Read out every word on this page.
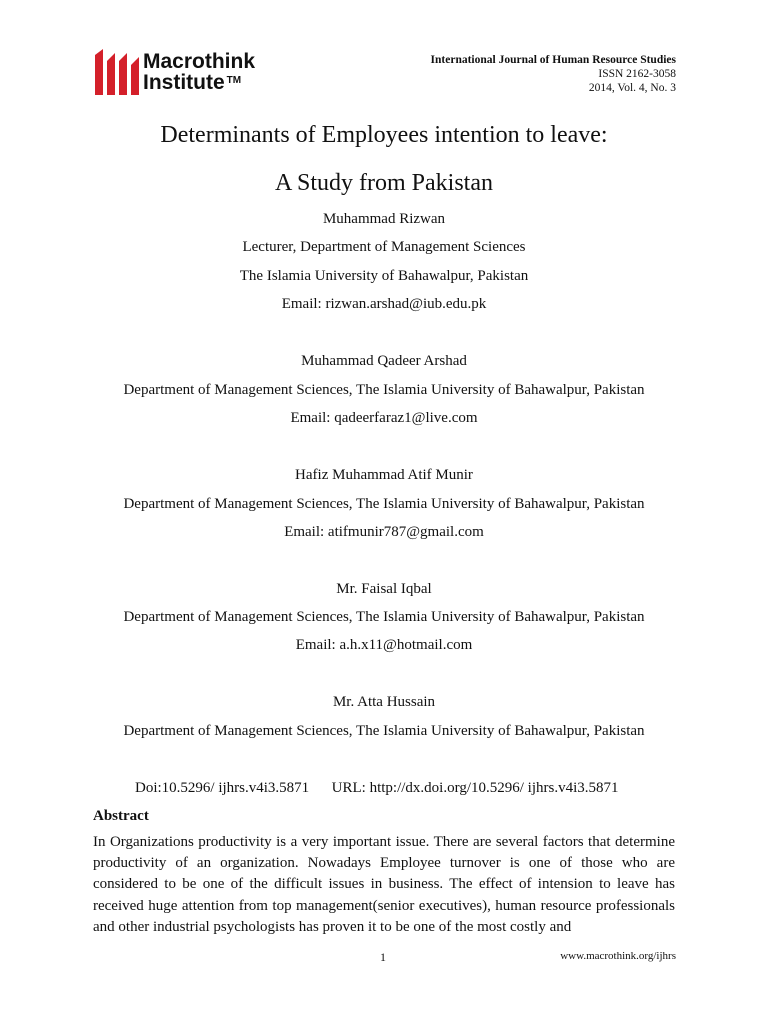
Macrothink
Institute ™
International Journal of Human Resource Studies
ISSN 2162-3058
2014, Vol. 4, No. 3
Determinants of Employees intention to leave:
A Study from Pakistan
Muhammad Rizwan
Lecturer, Department of Management Sciences
The Islamia University of Bahawalpur, Pakistan
Email: rizwan.arshad@iub.edu.pk
Muhammad Qadeer Arshad
Department of Management Sciences, The Islamia University of Bahawalpur, Pakistan
Email: qadeerfaraz1@live.com
Hafiz Muhammad Atif Munir
Department of Management Sciences, The Islamia University of Bahawalpur, Pakistan
Email: atifmunir787@gmail.com
Mr. Faisal Iqbal
Department of Management Sciences, The Islamia University of Bahawalpur, Pakistan
Email: a.h.x11@hotmail.com
Mr. Atta Hussain
Department of Management Sciences, The Islamia University of Bahawalpur, Pakistan
Doi:10.5296/ ijhrs.v4i3.5871 URL: http://dx.doi.org/10.5296/ ijhrs.v4i3.5871
Abstract
In Organizations productivity is a very important issue. There are several factors that determine productivity of an organization. Nowadays Employee turnover is one of those who are considered to be one of the difficult issues in business. The effect of intension to leave has received huge attention from top management(senior executives), human resource professionals and other industrial psychologists has proven it to be one of the most costly and
1	www.macrothink.org/ijhrs
